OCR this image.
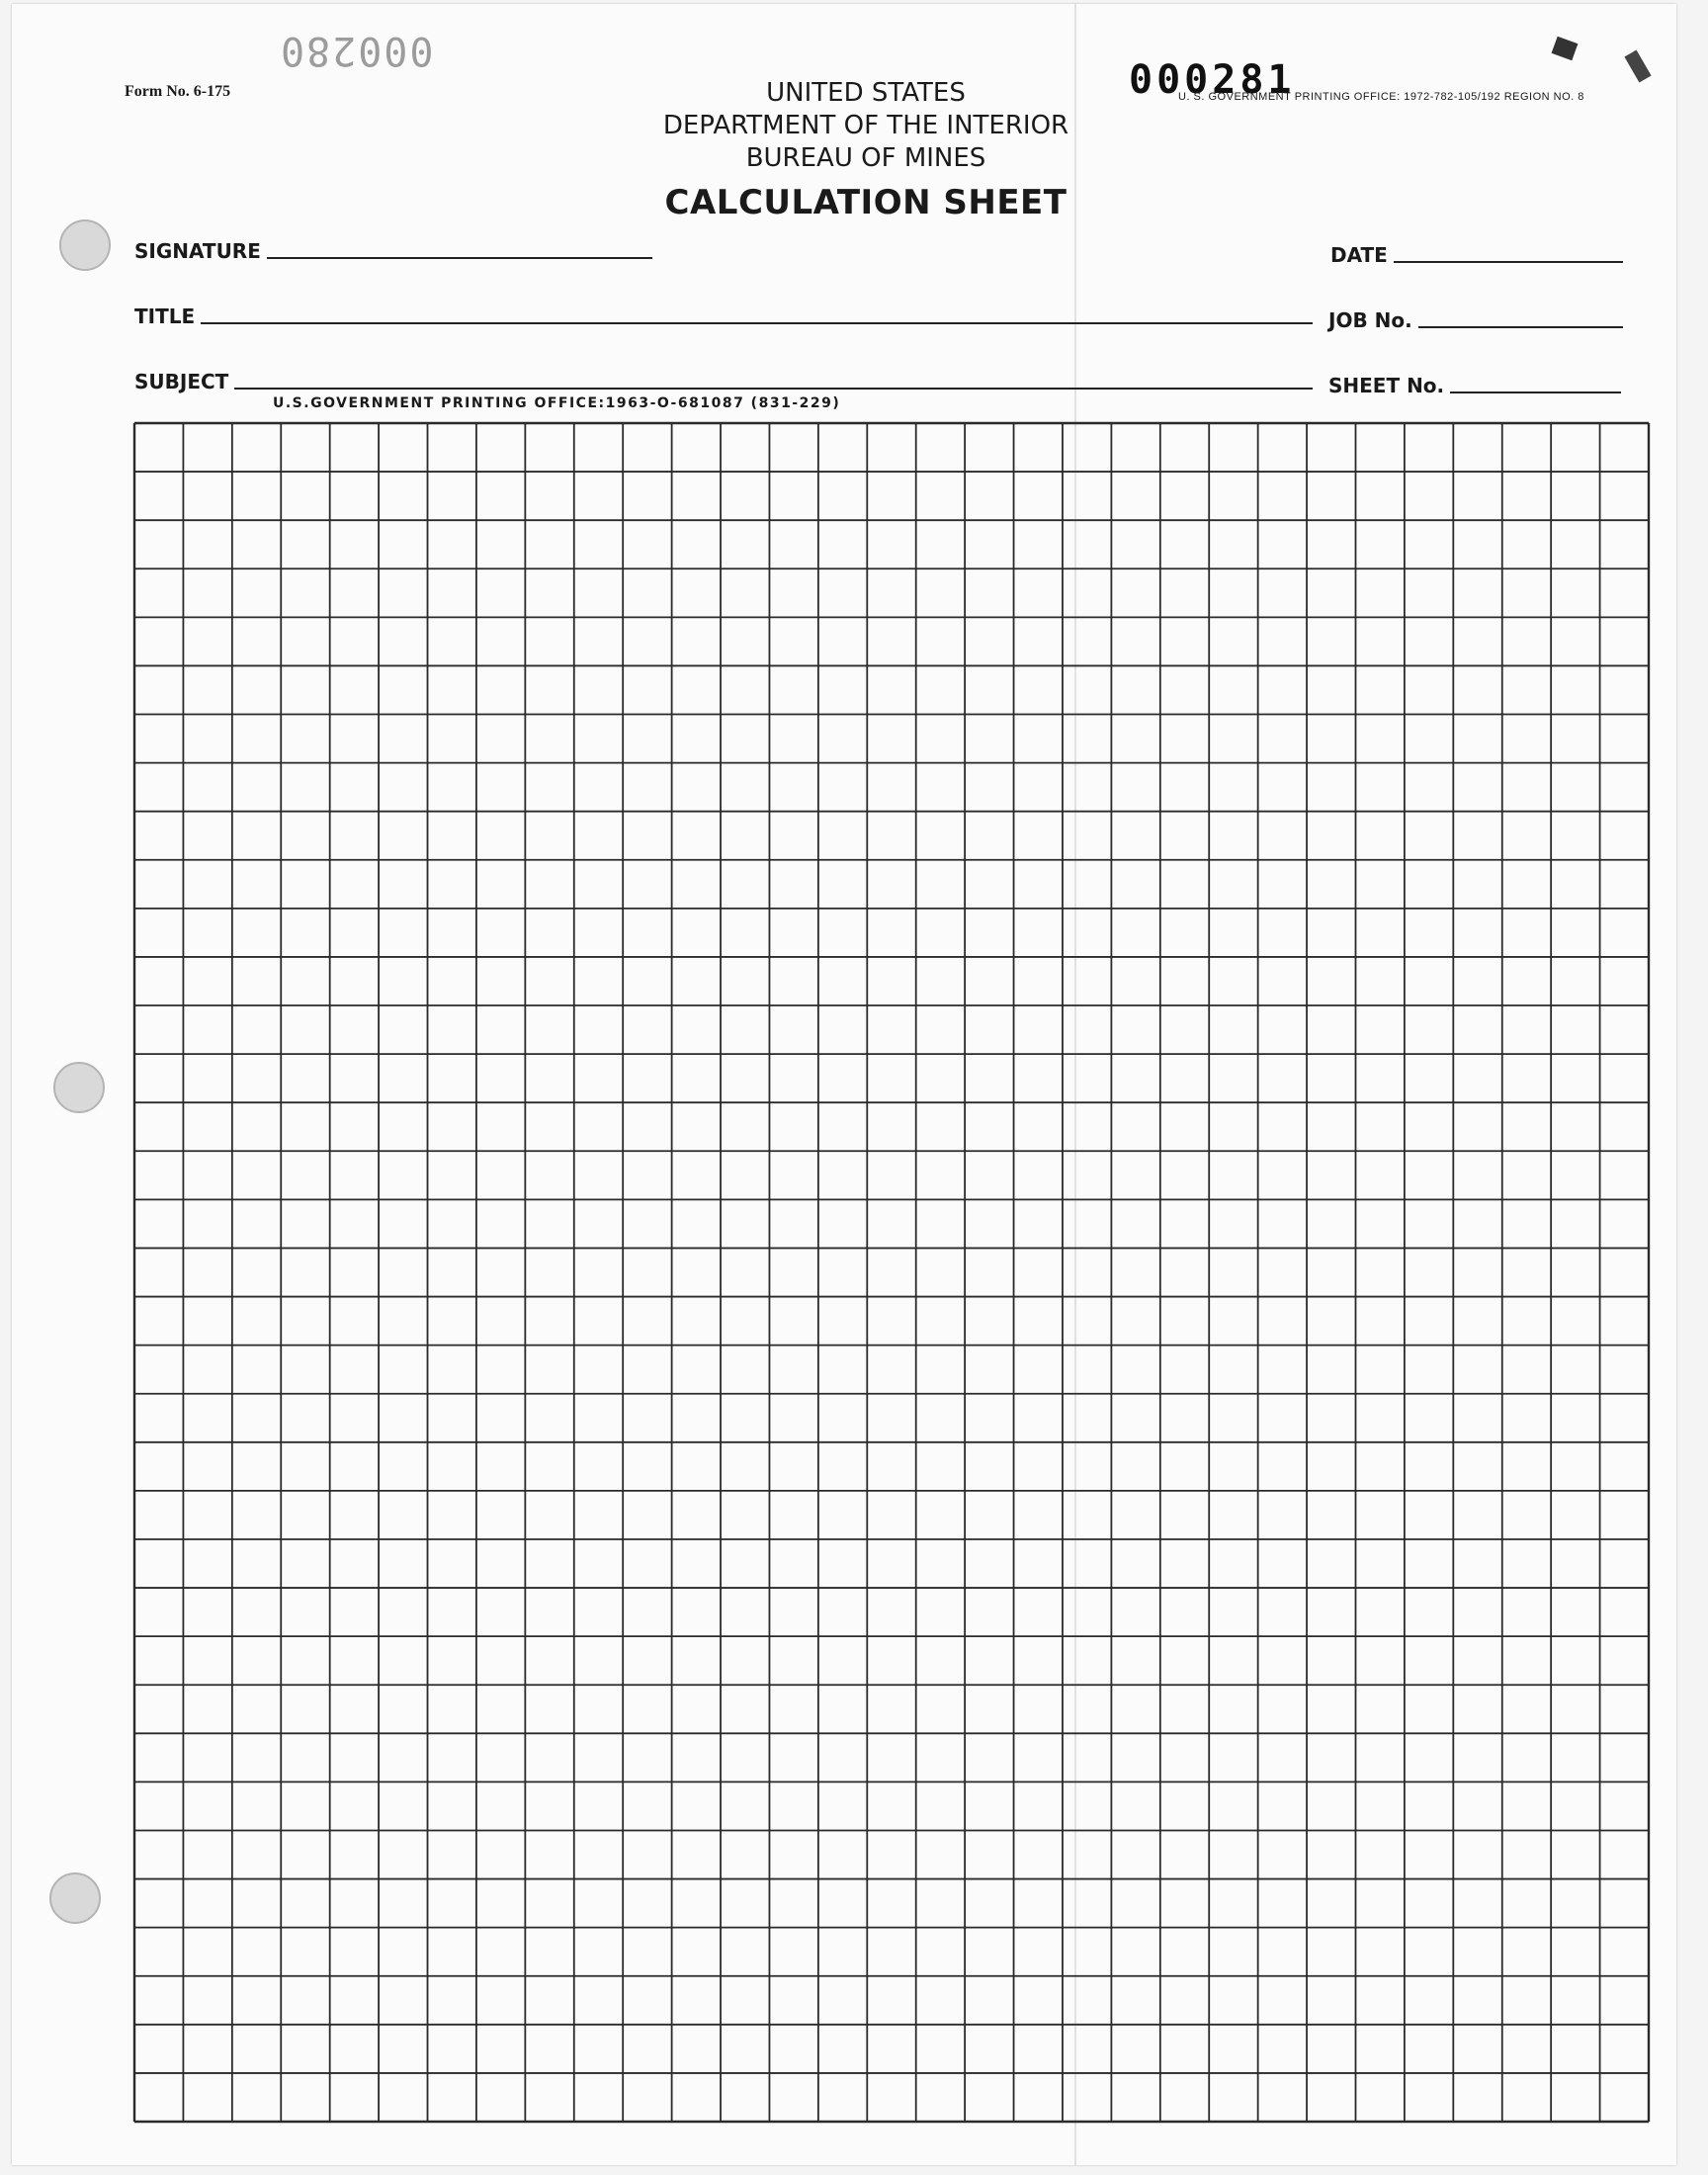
Form No. 6-175
000280
000281
U. S. GOVERNMENT PRINTING OFFICE: 1972-782-105/192 REGION NO. 8
UNITED STATES
DEPARTMENT OF THE INTERIOR
BUREAU OF MINES
CALCULATION SHEET
SIGNATURE	DATE
TITLE	JOB No.
SUBJECT	SHEET No.
U.S.GOVERNMENT PRINTING OFFICE:1963-O-681087 (831-229)
